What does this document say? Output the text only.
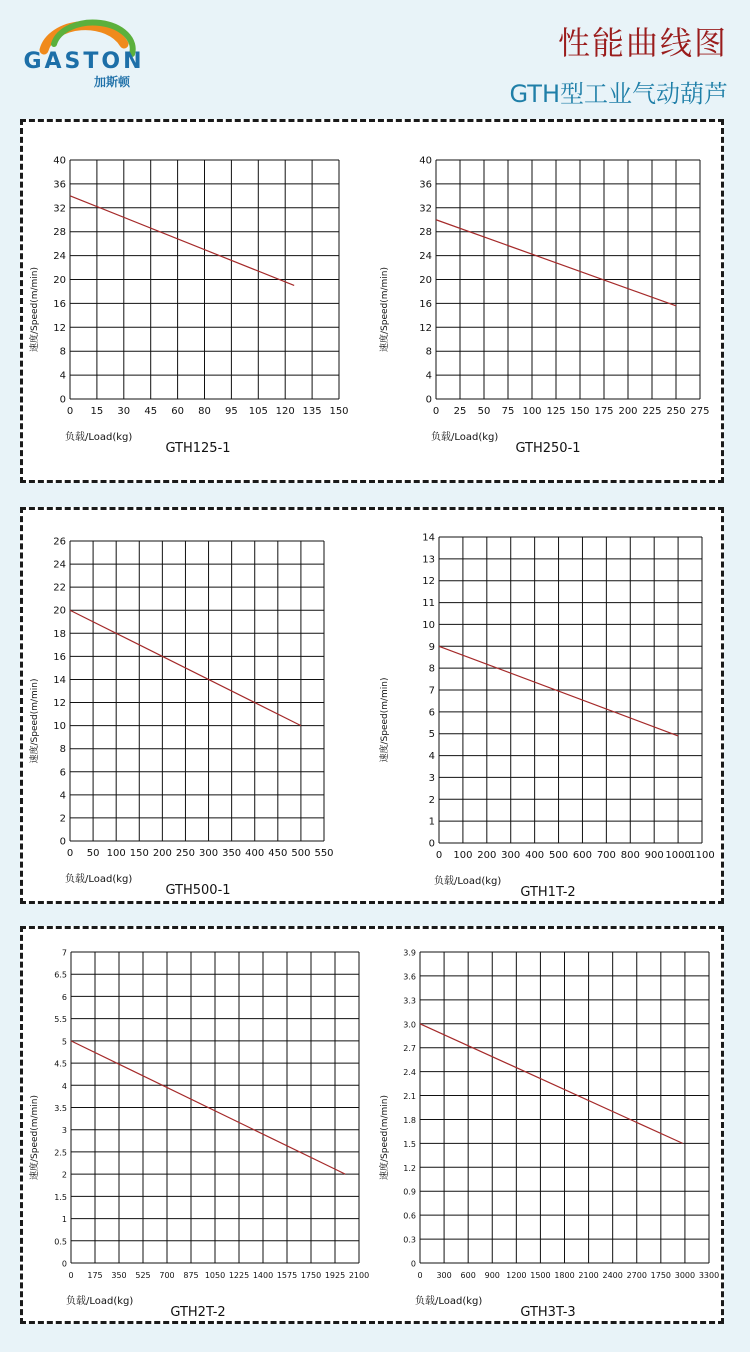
GASTON
加斯顿
性能曲线图
GTH型工业气动葫芦
0
4
8
12
16
20
24
28
32
36
40
0 15 30 45 60 80 95 105 120 135 150
速度/Speed(m/min)
负载/Load(kg)
GTH125-1
0
4
8
12
16
20
24
28
32
36
40
0 25 50 75 100 125 150 175 200 225 250 275
速度/Speed(m/min)
负载/Load(kg)
GTH250-1
0
2
4
6
8
10
12
14
16
18
20
22
24
26
0 50 100 150 200 250 300 350 400 450 500 550
速度/Speed(m/min)
负载/Load(kg)
GTH500-1
0
1
2
3
4
5
6
7
8
9
10
11
12
13
14
0 100 200 300 400 500 600 700 800 900 1000
1100
速度/Speed(m/min)
负载/Load(kg)
GTH1T-2
0
0.5
1
1.5
2
2.5
3
3.5
4
4.5
5
5.5
6
6.5
7
0 175 350 525 700 875 1050 1225 1400 1575 1750 1925 2100
速度/Speed(m/min)
负载/Load(kg)
GTH2T-2
0
0.3
0.6
0.9
1.2
1.5
1.8
2.1
2.4
2.7
3.0
3.3
3.6
3.9
0 300 600 900 1200 1500 1800 2100 2400 2700 1750 3000 3300
速度/Speed(m/min)
负载/Load(kg)
GTH3T-3
